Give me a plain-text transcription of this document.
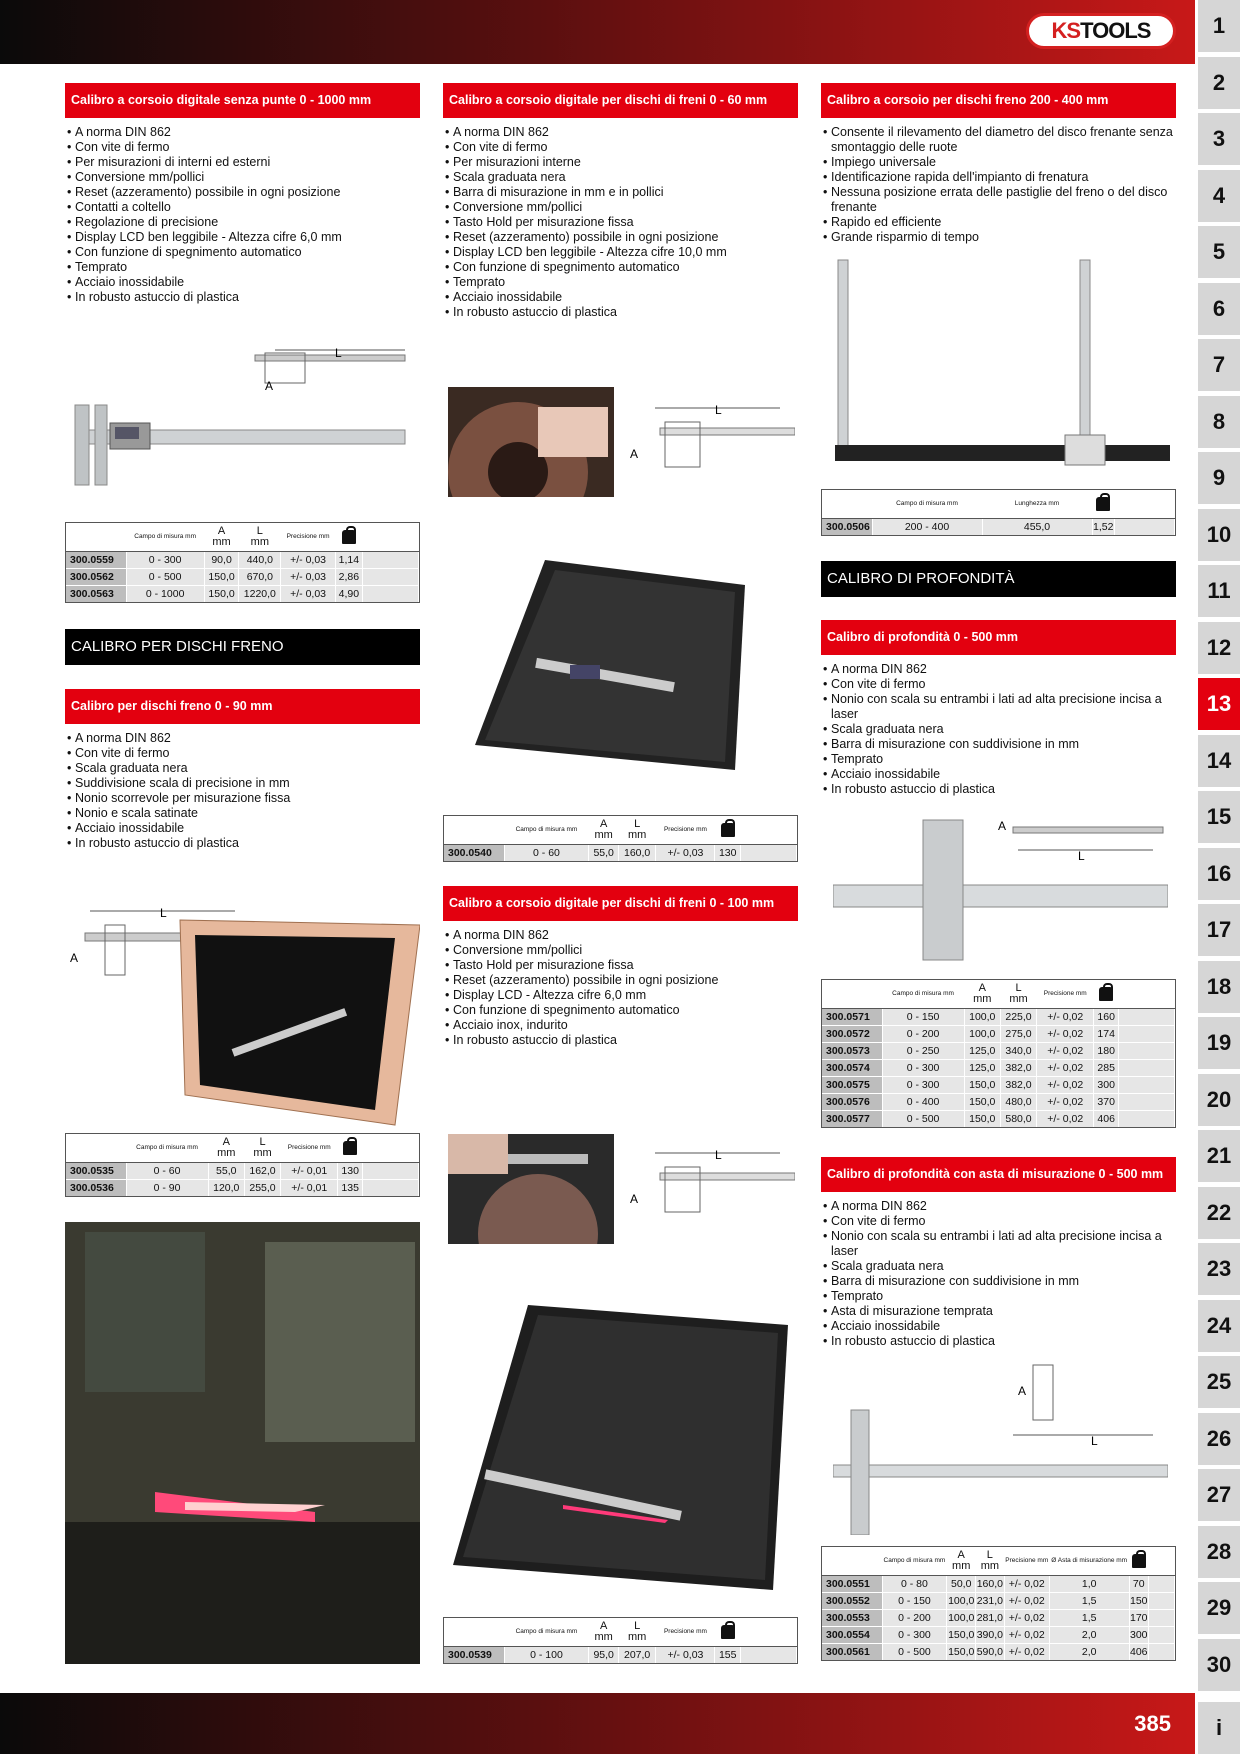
KSTOOLS	1
2
3
4
5
6
7
8
9
10
11
12
13
14
15
16
17
18
19
20
21
22
23
24
25
26
27
28
29
30
i
Calibro a corsoio digitale senza punte 0 - 1000 mm
• A norma DIN 862
• Con vite di fermo
• Per misurazioni di interni ed esterni
• Conversione mm/pollici
• Reset (azzeramento) possibile in ogni posizione
• Contatti a coltello
• Regolazione di precisione
• Display LCD ben leggibile - Altezza cifre 6,0 mm
• Con funzione di spegnimento automatico
• Temprato
• Acciaio inossidabile
• In robusto astuccio di plastica
L
A
	Campo di misura mm	A
mm	L
mm	Precisione mm		
300.0559	0 - 300	90,0	440,0	+/- 0,03	1,14	
300.0562	0 - 500	150,0	670,0	+/- 0,03	2,86	
300.0563	0 - 1000	150,0	1220,0	+/- 0,03	4,90	
CALIBRO PER DISCHI FRENO
Calibro per dischi freno 0 - 90 mm
• A norma DIN 862
• Con vite di fermo
• Scala graduata nera
• Suddivisione scala di precisione in mm
• Nonio scorrevole per misurazione fissa
• Nonio e scala satinate
• Acciaio inossidabile
• In robusto astuccio di plastica
L
A
	Campo di misura mm	A
mm	L
mm	Precisione mm		
300.0535	0 - 60	55,0	162,0	+/- 0,01	130	
300.0536	0 - 90	120,0	255,0	+/- 0,01	135	
Calibro a corsoio digitale per dischi di freni 0 - 60 mm
• A norma DIN 862
• Con vite di fermo
• Per misurazioni interne
• Scala graduata nera
• Barra di misurazione in mm e in pollici
• Conversione mm/pollici
• Tasto Hold per misurazione fissa
• Reset (azzeramento) possibile in ogni posizione
• Display LCD ben leggibile - Altezza cifre 10,0 mm
• Con funzione di spegnimento automatico
• Temprato
• Acciaio inossidabile
• In robusto astuccio di plastica
L
A
	Campo di misura mm	A
mm	L
mm	Precisione mm		
300.0540	0 - 60	55,0	160,0	+/- 0,03	130	
Calibro a corsoio digitale per dischi di freni 0 - 100 mm
• A norma DIN 862
• Conversione mm/pollici
• Tasto Hold per misurazione fissa
• Reset (azzeramento) possibile in ogni posizione
• Display LCD - Altezza cifre 6,0 mm
• Con funzione di spegnimento automatico
• Acciaio inox, indurito
• In robusto astuccio di plastica
L
A
	Campo di misura mm	A
mm	L
mm	Precisione mm		
300.0539	0 - 100	95,0	207,0	+/- 0,03	155	
Calibro a corsoio per dischi freno 200 - 400 mm
• Consente il rilevamento del diametro del disco frenante senza smontaggio delle ruote
• Impiego universale
• Identificazione rapida dell'impianto di frenatura
• Nessuna posizione errata delle pastiglie del freno o del disco frenante
• Rapido ed efficiente
• Grande risparmio di tempo
	Campo di misura mm	Lunghezza mm		
300.0506	200 - 400	455,0	1,52	
CALIBRO DI PROFONDITÀ
Calibro di profondità 0 - 500 mm
• A norma DIN 862
• Con vite di fermo
• Nonio con scala su entrambi i lati ad alta precisione incisa a laser
• Scala graduata nera
• Barra di misurazione con suddivisione in mm
• Temprato
• Acciaio inossidabile
• In robusto astuccio di plastica
L
A
	Campo di misura mm	A
mm	L
mm	Precisione mm		
300.0571	0 - 150	100,0	225,0	+/- 0,02	160	
300.0572	0 - 200	100,0	275,0	+/- 0,02	174	
300.0573	0 - 250	125,0	340,0	+/- 0,02	180	
300.0574	0 - 300	125,0	382,0	+/- 0,02	285	
300.0575	0 - 300	150,0	382,0	+/- 0,02	300	
300.0576	0 - 400	150,0	480,0	+/- 0,02	370	
300.0577	0 - 500	150,0	580,0	+/- 0,02	406	
Calibro di profondità con asta di misurazione 0 - 500 mm
• A norma DIN 862
• Con vite di fermo
• Nonio con scala su entrambi i lati ad alta precisione incisa a laser
• Scala graduata nera
• Barra di misurazione con suddivisione in mm
• Temprato
• Asta di misurazione temprata
• Acciaio inossidabile
• In robusto astuccio di plastica
L
A
	Campo di misura mm	A
mm	L
mm	Precisione mm	Ø Asta di misurazione mm		
300.0551	0 - 80	50,0	160,0	+/- 0,02	1,0	70	
300.0552	0 - 150	100,0	231,0	+/- 0,02	1,5	150	
300.0553	0 - 200	100,0	281,0	+/- 0,02	1,5	170	
300.0554	0 - 300	150,0	390,0	+/- 0,02	2,0	300	
300.0561	0 - 500	150,0	590,0	+/- 0,02	2,0	406	
385
